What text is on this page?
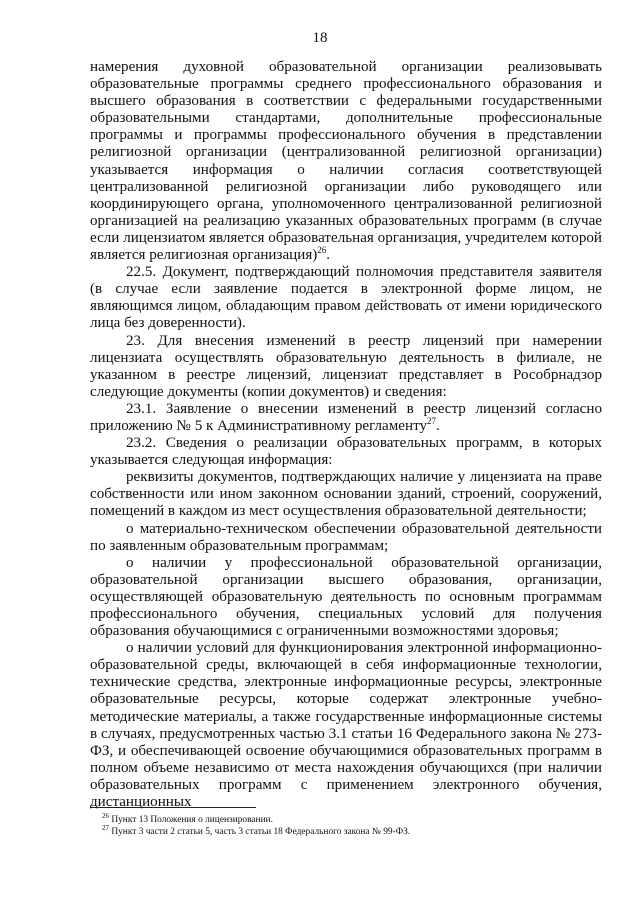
18

намерения духовной образовательной организации реализовывать образовательные программы среднего профессионального образования и высшего образования в соответствии с федеральными государственными образовательными стандартами, дополнительные профессиональные программы и программы профессионального обучения в представлении религиозной организации (централизованной религиозной организации) указывается информация о наличии согласия соответствующей централизованной религиозной организации либо руководящего или координирующего органа, уполномоченного централизованной религиозной организацией на реализацию указанных образовательных программ (в случае если лицензиатом является образовательная организация, учредителем которой является религиозная организация)$^{26}$.

22.5. Документ, подтверждающий полномочия представителя заявителя (в случае если заявление подается в электронной форме лицом, не являющимся лицом, обладающим правом действовать от имени юридического лица без доверенности).

23. Для внесения изменений в реестр лицензий при намерении лицензиата осуществлять образовательную деятельность в филиале, не указанном в реестре лицензий, лицензиат представляет в Рособрнадзор следующие документы (копии документов) и сведения:

23.1. Заявление о внесении изменений в реестр лицензий согласно приложению № 5 к Административному регламенту$^{27}$.

23.2. Сведения о реализации образовательных программ, в которых указывается следующая информация:

реквизиты документов, подтверждающих наличие у лицензиата на праве собственности или ином законном основании зданий, строений, сооружений, помещений в каждом из мест осуществления образовательной деятельности;

о материально-техническом обеспечении образовательной деятельности по заявленным образовательным программам;

о наличии у профессиональной образовательной организации, образовательной организации высшего образования, организации, осуществляющей образовательную деятельность по основным программам профессионального обучения, специальных условий для получения образования обучающимися с ограниченными возможностями здоровья;

о наличии условий для функционирования электронной информационно-образовательной среды, включающей в себя информационные технологии, технические средства, электронные информационные ресурсы, электронные образовательные ресурсы, которые содержат электронные учебно-методические материалы, а также государственные информационные системы в случаях, предусмотренных частью 3.1 статьи 16 Федерального закона № 273-ФЗ, и обеспечивающей освоение обучающимися образовательных программ в полном объеме независимо от места нахождения обучающихся (при наличии образовательных программ с применением электронного обучения, дистанционных

$^{26}$ Пункт 13 Положения о лицензировании.

$^{27}$ Пункт 3 части 2 статьи 5, часть 3 статьи 18 Федерального закона № 99-ФЗ.
